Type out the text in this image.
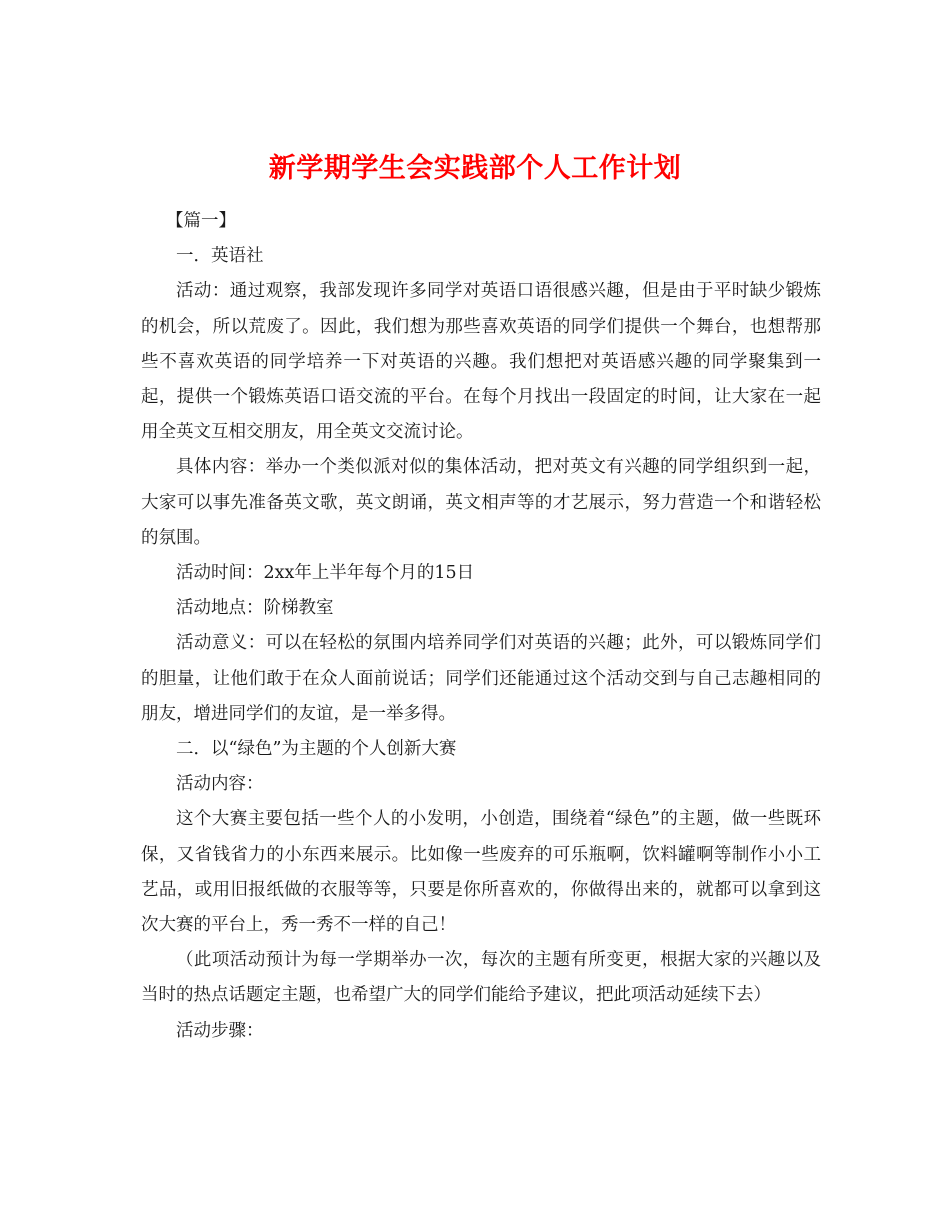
新学期学生会实践部个人工作计划

【篇一】

一．英语社

活动：通过观察，我部发现许多同学对英语口语很感兴趣，但是由于平时缺少锻炼的机会，所以荒废了。因此，我们想为那些喜欢英语的同学们提供一个舞台，也想帮那些不喜欢英语的同学培养一下对英语的兴趣。我们想把对英语感兴趣的同学聚集到一起，提供一个锻炼英语口语交流的平台。在每个月找出一段固定的时间，让大家在一起用全英文互相交朋友，用全英文交流讨论。

具体内容：举办一个类似派对似的集体活动，把对英文有兴趣的同学组织到一起，大家可以事先准备英文歌，英文朗诵，英文相声等的才艺展示，努力营造一个和谐轻松的氛围。

活动时间：2xx年上半年每个月的15日

活动地点：阶梯教室

活动意义：可以在轻松的氛围内培养同学们对英语的兴趣；此外，可以锻炼同学们的胆量，让他们敢于在众人面前说话；同学们还能通过这个活动交到与自己志趣相同的朋友，增进同学们的友谊，是一举多得。

二．以“绿色”为主题的个人创新大赛

活动内容：

这个大赛主要包括一些个人的小发明，小创造，围绕着“绿色”的主题，做一些既环保，又省钱省力的小东西来展示。比如像一些废弃的可乐瓶啊，饮料罐啊等制作小小工艺品，或用旧报纸做的衣服等等，只要是你所喜欢的，你做得出来的，就都可以拿到这次大赛的平台上，秀一秀不一样的自己！

（此项活动预计为每一学期举办一次，每次的主题有所变更，根据大家的兴趣以及当时的热点话题定主题，也希望广大的同学们能给予建议，把此项活动延续下去）

活动步骤：
